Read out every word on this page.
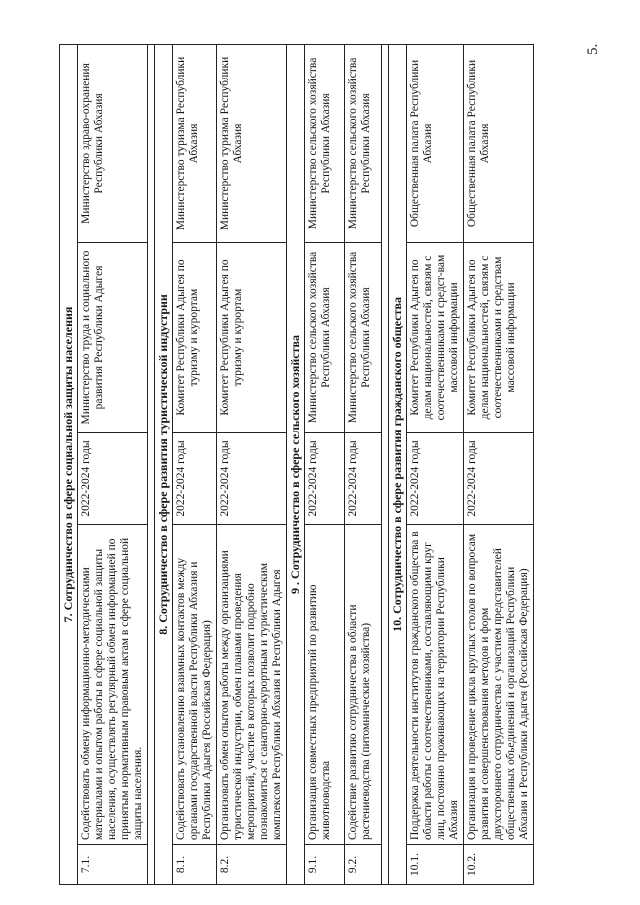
5.
7. Сотрудничество в сфере социальной защиты населения				
7.1.	Содействовать обмену информационно-методическими материалами и опытом работы в сфере социальной защиты населения, осуществлять регулярный обмен информацией по принятым нормативным правовым актам в сфере социальной защиты населения.	2022-2024 годы	Министерство труда и социального развития Республики Адыгея	Министерство здраво-охранения Республики Абхазия

8. Сотрудничество в сфере развития туристической индустрии				
8.1.	Содействовать установлению взаимных контактов между органами государственной власти Республики Абхазия и Республики Адыгея (Российская Федерация)	2022-2024 годы	Комитет Республики Адыгея по туризму и курортам	Министерство туризма Республики Абхазия
8.2.	Организовать обмен опытом работы между организациями туристической индустрии, обмен планами проведения мероприятий, участие в которых позволит подробно познакомиться с санаторно-курортным и туристическим комплексом Республики Абхазия и Республики Адыгея	2022-2024 годы	Комитет Республики Адыгея по туризму и курортам	Министерство туризма Республики Абхазия
9 . Сотрудничество в сфере сельского хозяйства				
9.1.	Организация совместных предприятий по развитию животноводства	2022-2024 годы	Министерство сельского хозяйства Республики Абхазия	Министерство сельского хозяйства Республики Абхазия
9.2.	Содействие развитию сотрудничества в области растениеводства (питомнические хозяйства)	2022-2024 годы	Министерство сельского хозяйства Республики Абхазия	Министерство сельского хозяйства Республики Абхазия

10. Сотрудничество в сфере развития гражданского общества				
10.1.	Поддержка деятельности институтов гражданского общества в области работы с соотечественниками, составляющими круг лиц, постоянно проживающих на территории Республики Абхазия	2022-2024 годы	Комитет Республики Адыгея по делам национальностей, связям с соотечественниками и средст-вам массовой информации	Общественная палата Республики Абхазия
10.2.	Организация и проведение цикла круглых столов по вопросам развития и совершенствования методов и форм двухстороннего сотрудничества с участием представителей общественных объединений и организаций Республики Абхазия и Республики Адыгея (Российская Федерация)	2022-2024 годы	Комитет Республики Адыгея по делам национальностей, связям с соотечественниками и средствам массовой информации	Общественная палата Республики Абхазия
